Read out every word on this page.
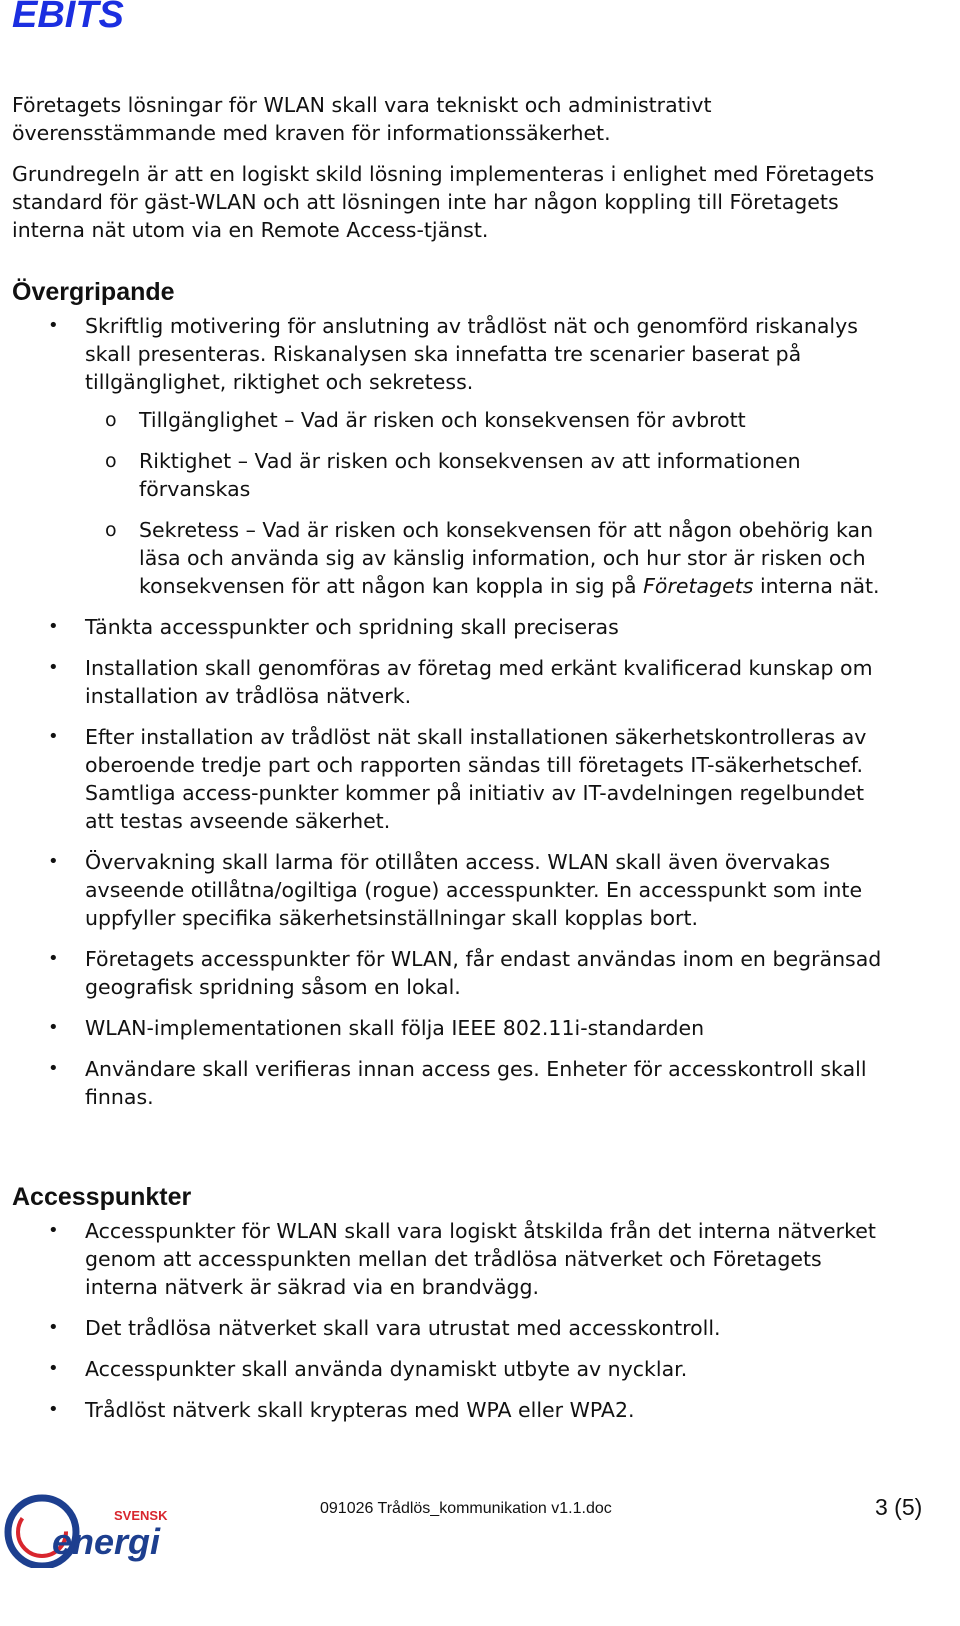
EBITS

Företagets lösningar för WLAN skall vara tekniskt och administrativt överensstämmande med kraven för informationssäkerhet.

Grundregeln är att en logiskt skild lösning implementeras i enlighet med Företagets standard för gäst-WLAN och att lösningen inte har någon koppling till Företagets interna nät utom via en Remote Access-tjänst.

Övergripande
• Skriftlig motivering för anslutning av trådlöst nät och genomförd riskanalys skall presenteras. Riskanalysen ska innefatta tre scenarier baserat på tillgänglighet, riktighet och sekretess.
o Tillgänglighet – Vad är risken och konsekvensen för avbrott
o Riktighet – Vad är risken och konsekvensen av att informationen förvanskas
o Sekretess – Vad är risken och konsekvensen för att någon obehörig kan läsa och använda sig av känslig information, och hur stor är risken och konsekvensen för att någon kan koppla in sig på Företagets interna nät.
• Tänkta accesspunkter och spridning skall preciseras
• Installation skall genomföras av företag med erkänt kvalificerad kunskap om installation av trådlösa nätverk.
• Efter installation av trådlöst nät skall installationen säkerhetskontrolleras av oberoende tredje part och rapporten sändas till företagets IT-säkerhetschef. Samtliga access-punkter kommer på initiativ av IT-avdelningen regelbundet att testas avseende säkerhet.
• Övervakning skall larma för otillåten access. WLAN skall även övervakas avseende otillåtna/ogiltiga (rogue) accesspunkter. En accesspunkt som inte uppfyller specifika säkerhetsinställningar skall kopplas bort.
• Företagets accesspunkter för WLAN, får endast användas inom en begränsad geografisk spridning såsom en lokal.
• WLAN-implementationen skall följa IEEE 802.11i-standarden
• Användare skall verifieras innan access ges. Enheter för accesskontroll skall finnas.
Accesspunkter
• Accesspunkter för WLAN skall vara logiskt åtskilda från det interna nätverket genom att accesspunkten mellan det trådlösa nätverket och Företagets interna nätverk är säkrad via en brandvägg.
• Det trådlösa nätverket skall vara utrustat med accesskontroll.
• Accesspunkter skall använda dynamiskt utbyte av nycklar.
• Trådlöst nätverk skall krypteras med WPA eller WPA2.
SVENSK
energi
091026 Trådlös_kommunikation v1.1.doc	3 (5)
